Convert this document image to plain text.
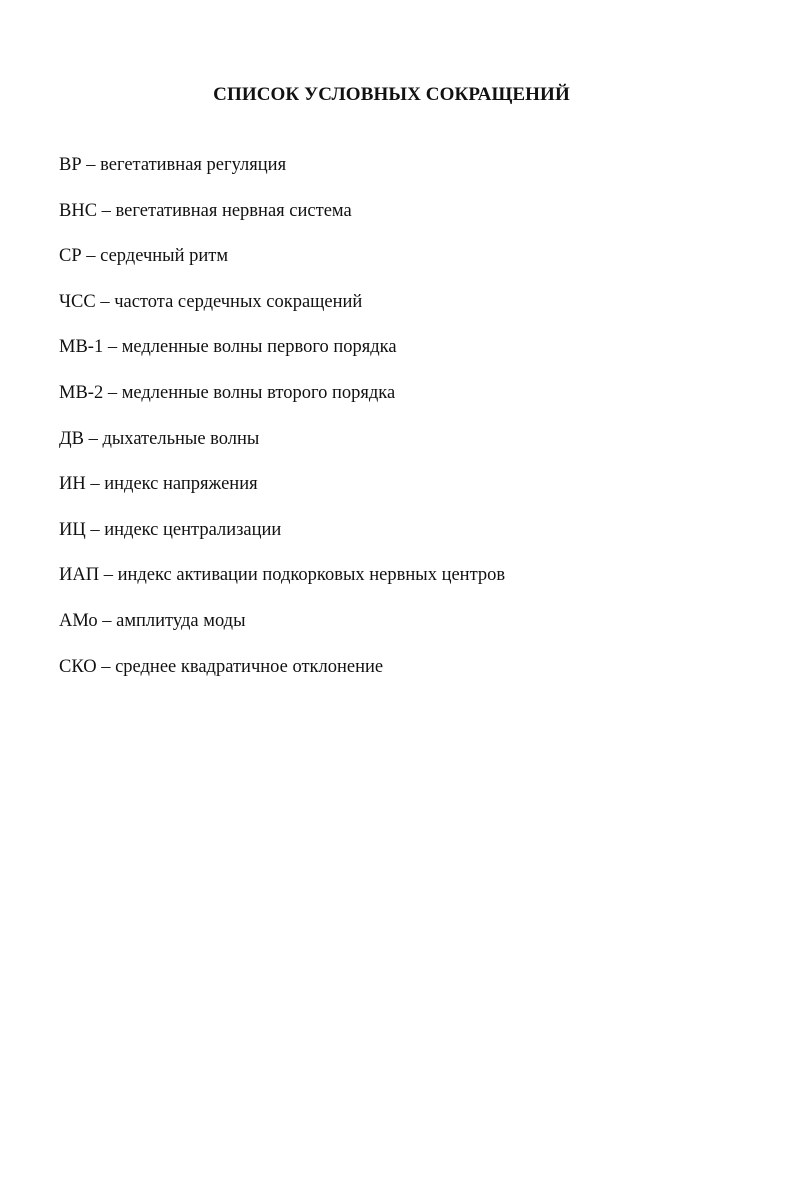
СПИСОК УСЛОВНЫХ СОКРАЩЕНИЙ
ВР – вегетативная регуляция
ВНС – вегетативная нервная система
СР – сердечный ритм
ЧСС – частота сердечных сокращений
МВ-1 – медленные волны первого порядка
МВ-2 – медленные волны второго порядка
ДВ – дыхательные волны
ИН – индекс напряжения
ИЦ – индекс централизации
ИАП – индекс активации подкорковых нервных центров
АМо – амплитуда моды
СКО – среднее квадратичное отклонение
